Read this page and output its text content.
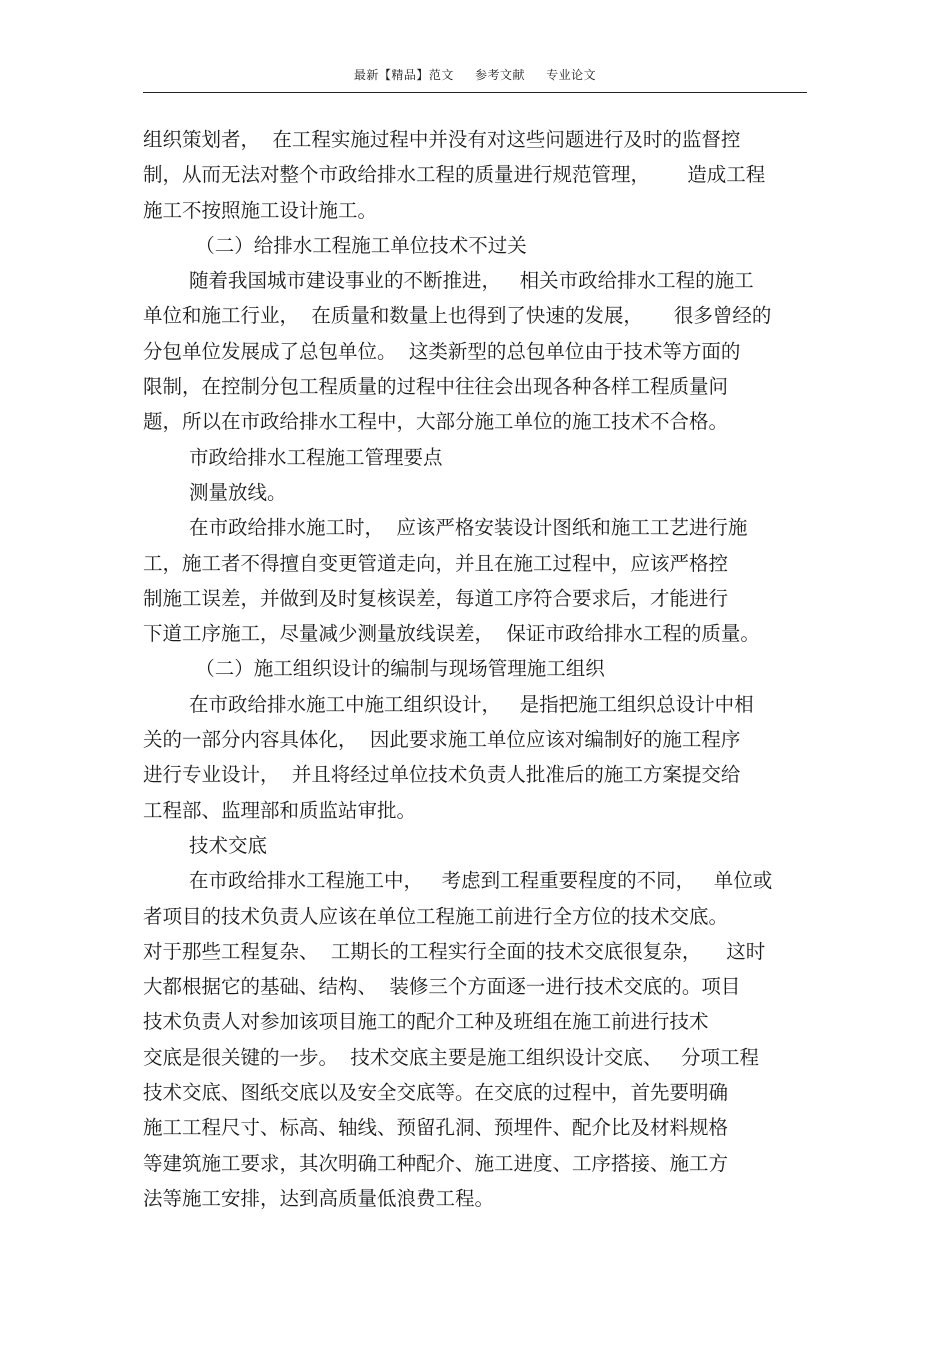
最新【精品】范文 参考文献 专业论文
组织策划者，  在工程实施过程中并没有对这些问题进行及时的监督控
制，从而无法对整个市政给排水工程的质量进行规范管理，      造成工程
施工不按照施工设计施工。
（二）给排水工程施工单位技术不过关
随着我国城市建设事业的不断推进，   相关市政给排水工程的施工
单位和施工行业，  在质量和数量上也得到了快速的发展，     很多曾经的
分包单位发展成了总包单位。  这类新型的总包单位由于技术等方面的
限制，在控制分包工程质量的过程中往往会出现各种各样工程质量问
题，所以在市政给排水工程中，大部分施工单位的施工技术不合格。
市政给排水工程施工管理要点
测量放线。
在市政给排水施工时，  应该严格安装设计图纸和施工工艺进行施
工，施工者不得擅自变更管道走向，并且在施工过程中，应该严格控
制施工误差，并做到及时复核误差，每道工序符合要求后，才能进行
下道工序施工，尽量减少测量放线误差，  保证市政给排水工程的质量。
（二）施工组织设计的编制与现场管理施工组织
在市政给排水施工中施工组织设计，   是指把施工组织总设计中相
关的一部分内容具体化，  因此要求施工单位应该对编制好的施工程序
进行专业设计，  并且将经过单位技术负责人批准后的施工方案提交给
工程部、监理部和质监站审批。
技术交底
在市政给排水工程施工中，   考虑到工程重要程度的不同，   单位或
者项目的技术负责人应该在单位工程施工前进行全方位的技术交底。
对于那些工程复杂、  工期长的工程实行全面的技术交底很复杂，    这时
大都根据它的基础、结构、  装修三个方面逐一进行技术交底的。项目
技术负责人对参加该项目施工的配介工种及班组在施工前进行技术
交底是很关键的一步。  技术交底主要是施工组织设计交底、   分项工程
技术交底、图纸交底以及安全交底等。在交底的过程中，首先要明确
施工工程尺寸、标高、轴线、预留孔洞、预埋件、配介比及材料规格
等建筑施工要求，其次明确工种配介、施工进度、工序搭接、施工方
法等施工安排，达到高质量低浪费工程。
